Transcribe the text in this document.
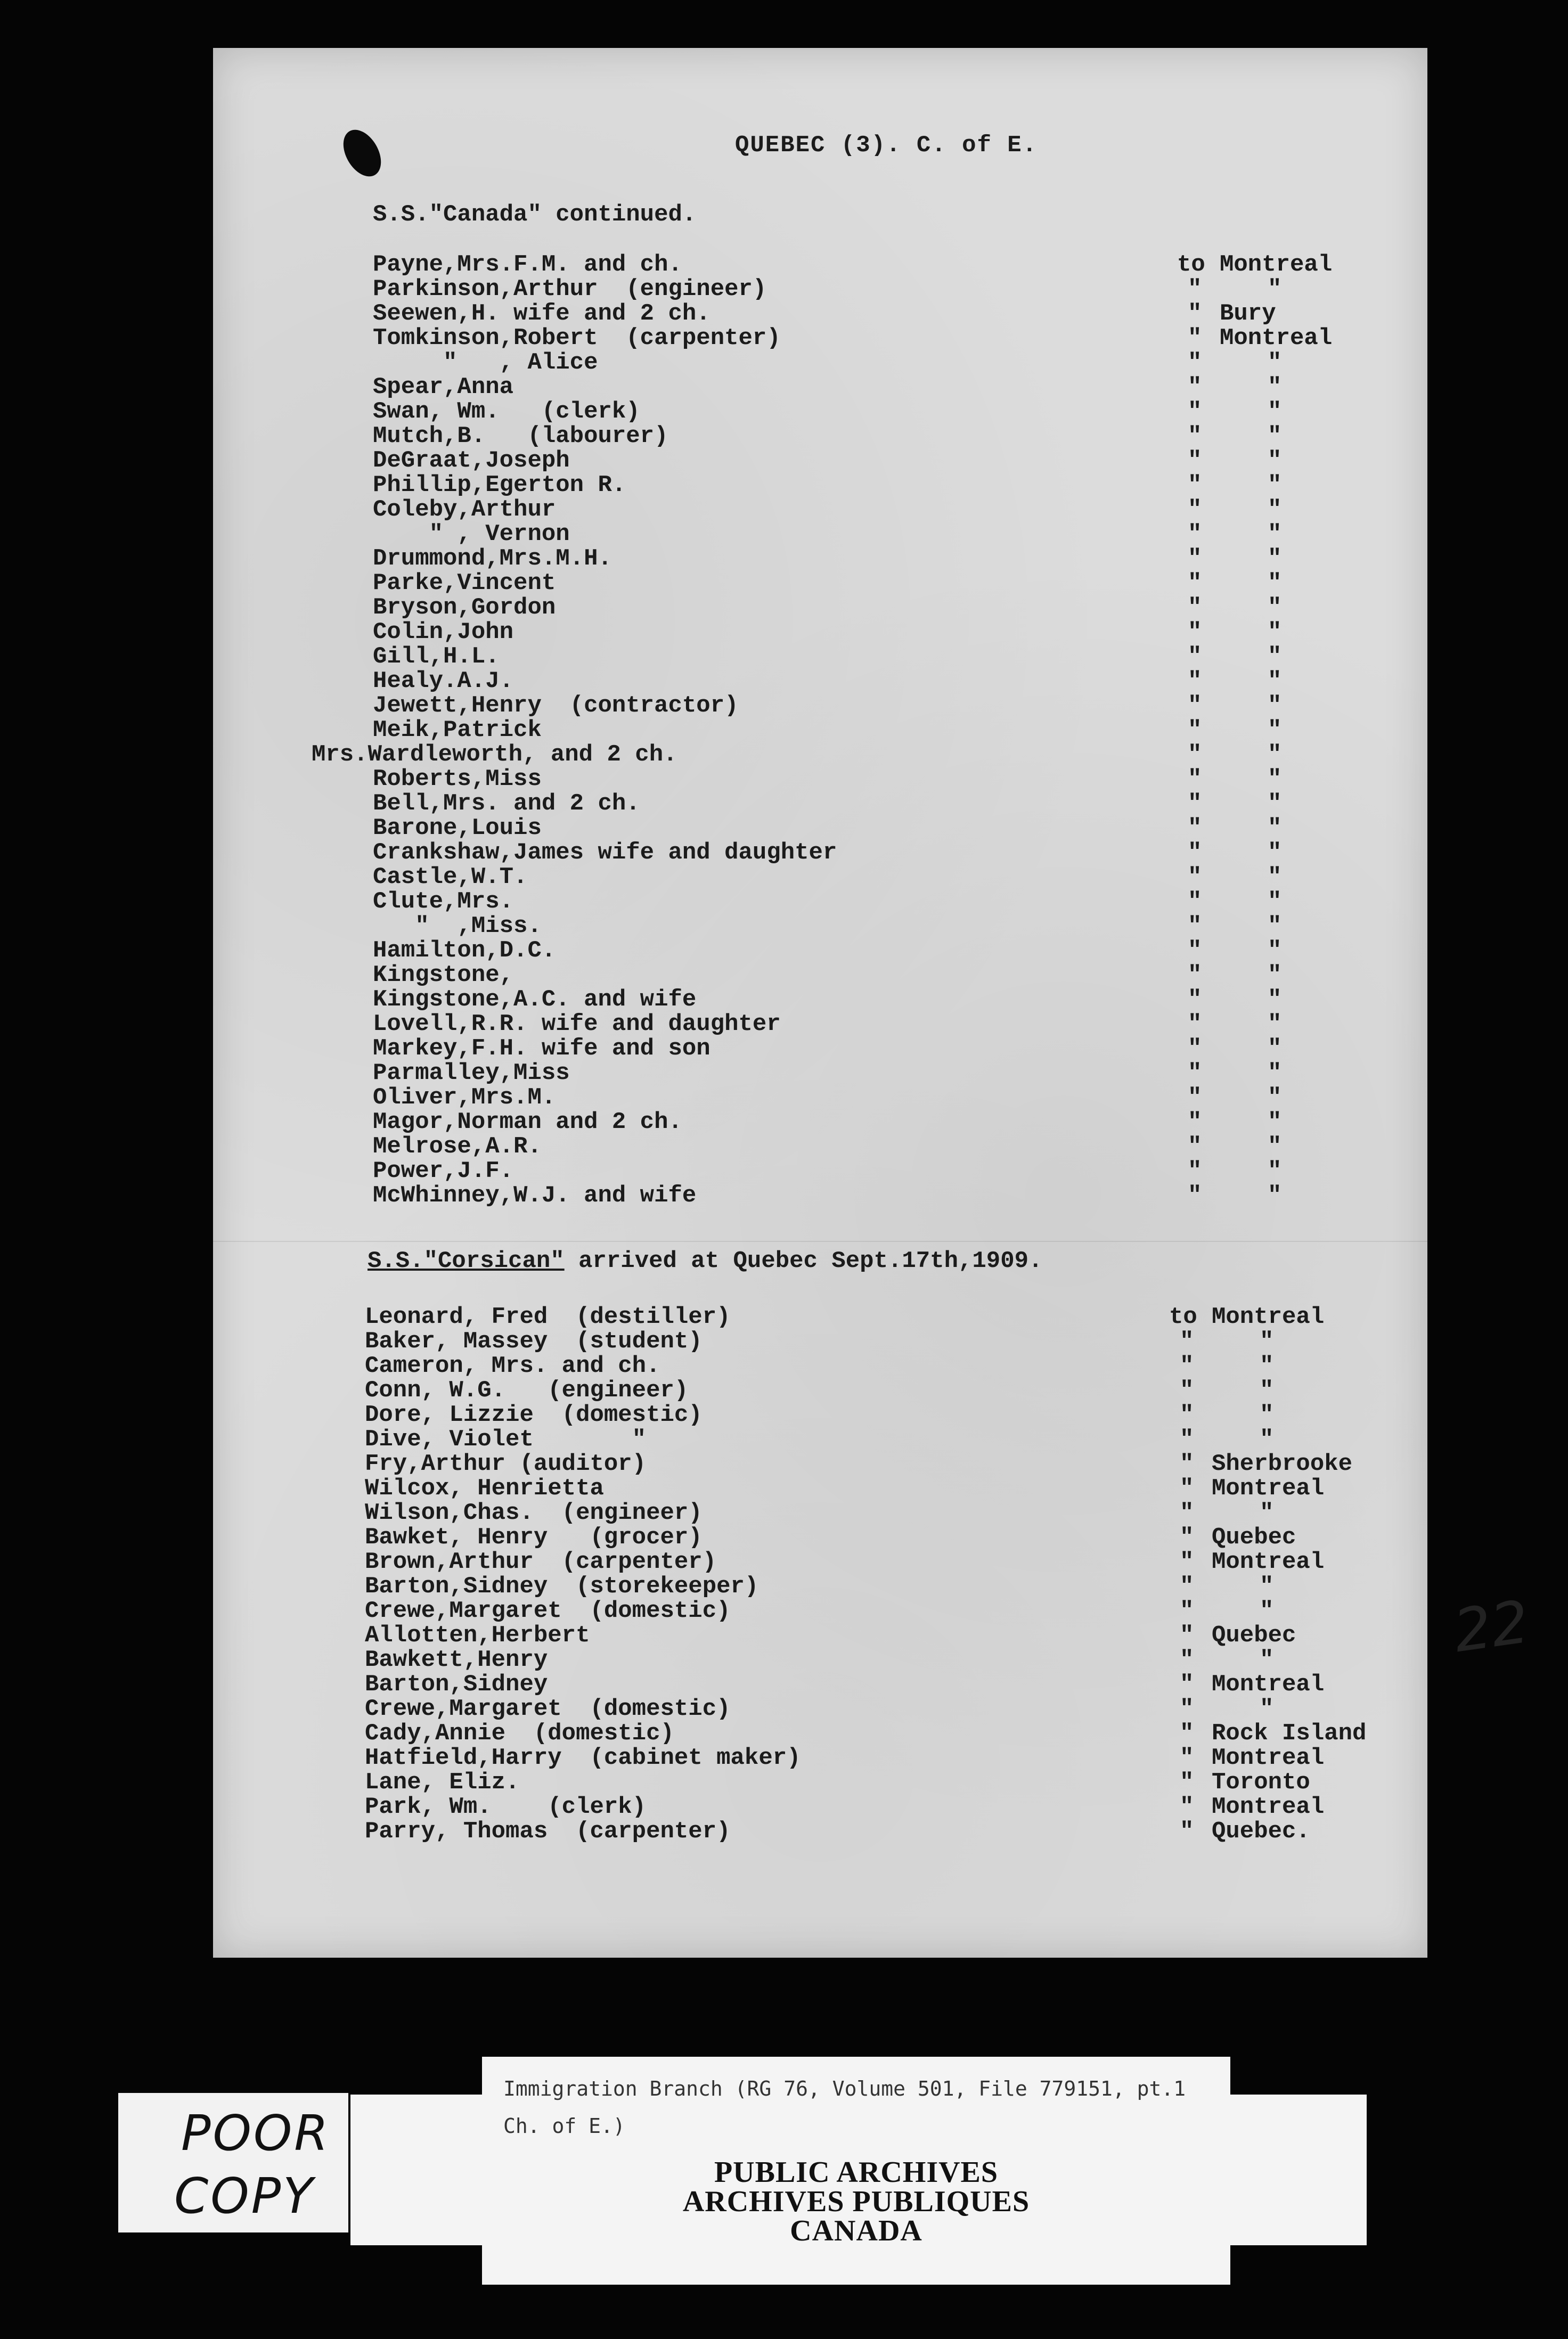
QUEBEC (3). C. of E.
S.S."Canada" continued.
Payne,Mrs.F.M. and ch.	to Montreal
Parkinson,Arthur  (engineer)	"	"
Seewen,H. wife and 2 ch.	" Bury
Tomkinson,Robert  (carpenter)	" Montreal
"   , Alice	"	"
Spear,Anna	"	"
Swan, Wm.   (clerk)	"	"
Mutch,B.   (labourer)	"	"
DeGraat,Joseph	"	"
Phillip,Egerton R.	"	"
Coleby,Arthur	"	"
" , Vernon	"	"
Drummond,Mrs.M.H.	"	"
Parke,Vincent	"	"
Bryson,Gordon	"	"
Colin,John	"	"
Gill,H.L.	"	"
Healy.A.J.	"	"
Jewett,Henry  (contractor)	"	"
Meik,Patrick	"	"
Mrs.Wardleworth, and 2 ch.	"	"
Roberts,Miss	"	"
Bell,Mrs. and 2 ch.	"	"
Barone,Louis	"	"
Crankshaw,James wife and daughter	"	"
Castle,W.T.	"	"
Clute,Mrs.	"	"
"  ,Miss.	"	"
Hamilton,D.C.	"	"
Kingstone,	"	"
Kingstone,A.C. and wife	"	"
Lovell,R.R. wife and daughter	"	"
Markey,F.H. wife and son	"	"
Parmalley,Miss	"	"
Oliver,Mrs.M.	"	"
Magor,Norman and 2 ch.	"	"
Melrose,A.R.	"	"
Power,J.F.	"	"
McWhinney,W.J. and wife	"	"
S.S."Corsican" arrived at Quebec Sept.17th,1909.
Leonard, Fred  (destiller)	to Montreal
Baker, Massey  (student)	"	"
Cameron, Mrs. and ch.	"	"
Conn, W.G.   (engineer)	"	"
Dore, Lizzie  (domestic)	"	"
Dive, Violet       "	"	"
Fry,Arthur (auditor)	" Sherbrooke
Wilcox, Henrietta	" Montreal
Wilson,Chas.  (engineer)	"	"
Bawket, Henry   (grocer)	" Quebec
Brown,Arthur  (carpenter)	" Montreal
Barton,Sidney  (storekeeper)	"	"
Crewe,Margaret  (domestic)	"	"
Allotten,Herbert	" Quebec
Bawkett,Henry	"	"
Barton,Sidney	" Montreal
Crewe,Margaret  (domestic)	"	"
Cady,Annie  (domestic)	" Rock Island
Hatfield,Harry  (cabinet maker)	" Montreal
Lane, Eliz.	" Toronto
Park, Wm.    (clerk)	" Montreal
Parry, Thomas  (carpenter)	" Quebec.
22
POOR
COPY
Immigration Branch (RG 76, Volume 501, File 779151, pt.1
Ch. of E.)
PUBLIC ARCHIVES
ARCHIVES PUBLIQUES
CANADA
